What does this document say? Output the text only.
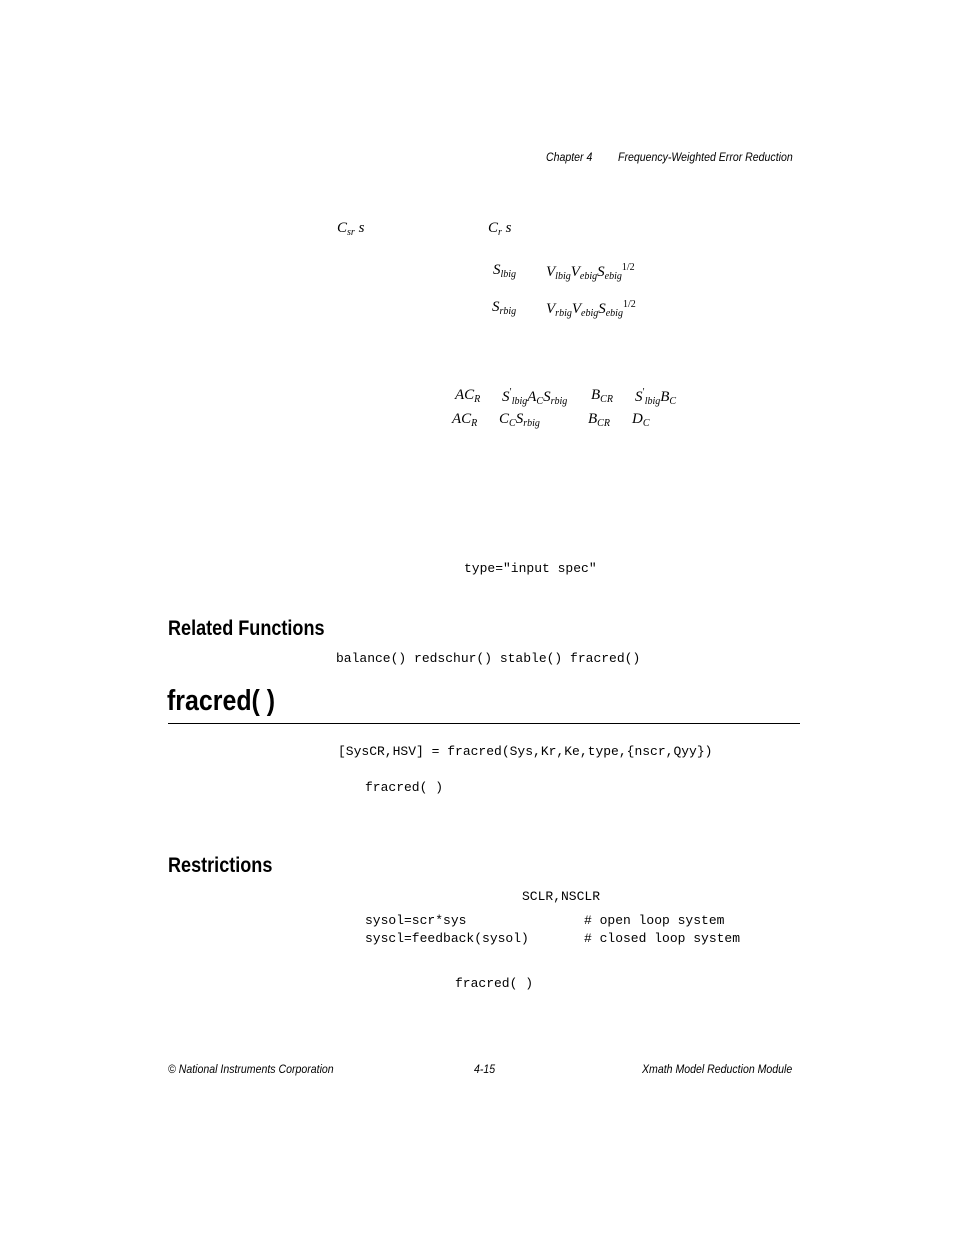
Chapter 4 Frequency-Weighted Error Reduction
$C_{sr}$ s	$C_r$ s
$S_{lbig}$ $V_{lbig}V_{ebig}S_{ebig}^{1/2}$
$S_{rbig}$ $V_{rbig}V_{ebig}S_{ebig}^{1/2}$
$AC_R$ $S'_{lbig}A_CS_{rbig}$ $B_{CR}$ $S'_{lbig}B_C$
$AC_R$ $C_CS_{rbig}$	$B_{CR}$ $D_C$
type="input spec"
Related Functions
balance() redschur() stable() fracred()
fracred( )
[SysCR,HSV] = fracred(Sys,Kr,Ke,type,{nscr,Qyy})
fracred( )
Restrictions
SCLR,NSCLR
sysol=scr*sys	# open loop system
syscl=feedback(sysol)	# closed loop system
fracred( )
© National Instruments Corporation	4-15	Xmath Model Reduction Module
